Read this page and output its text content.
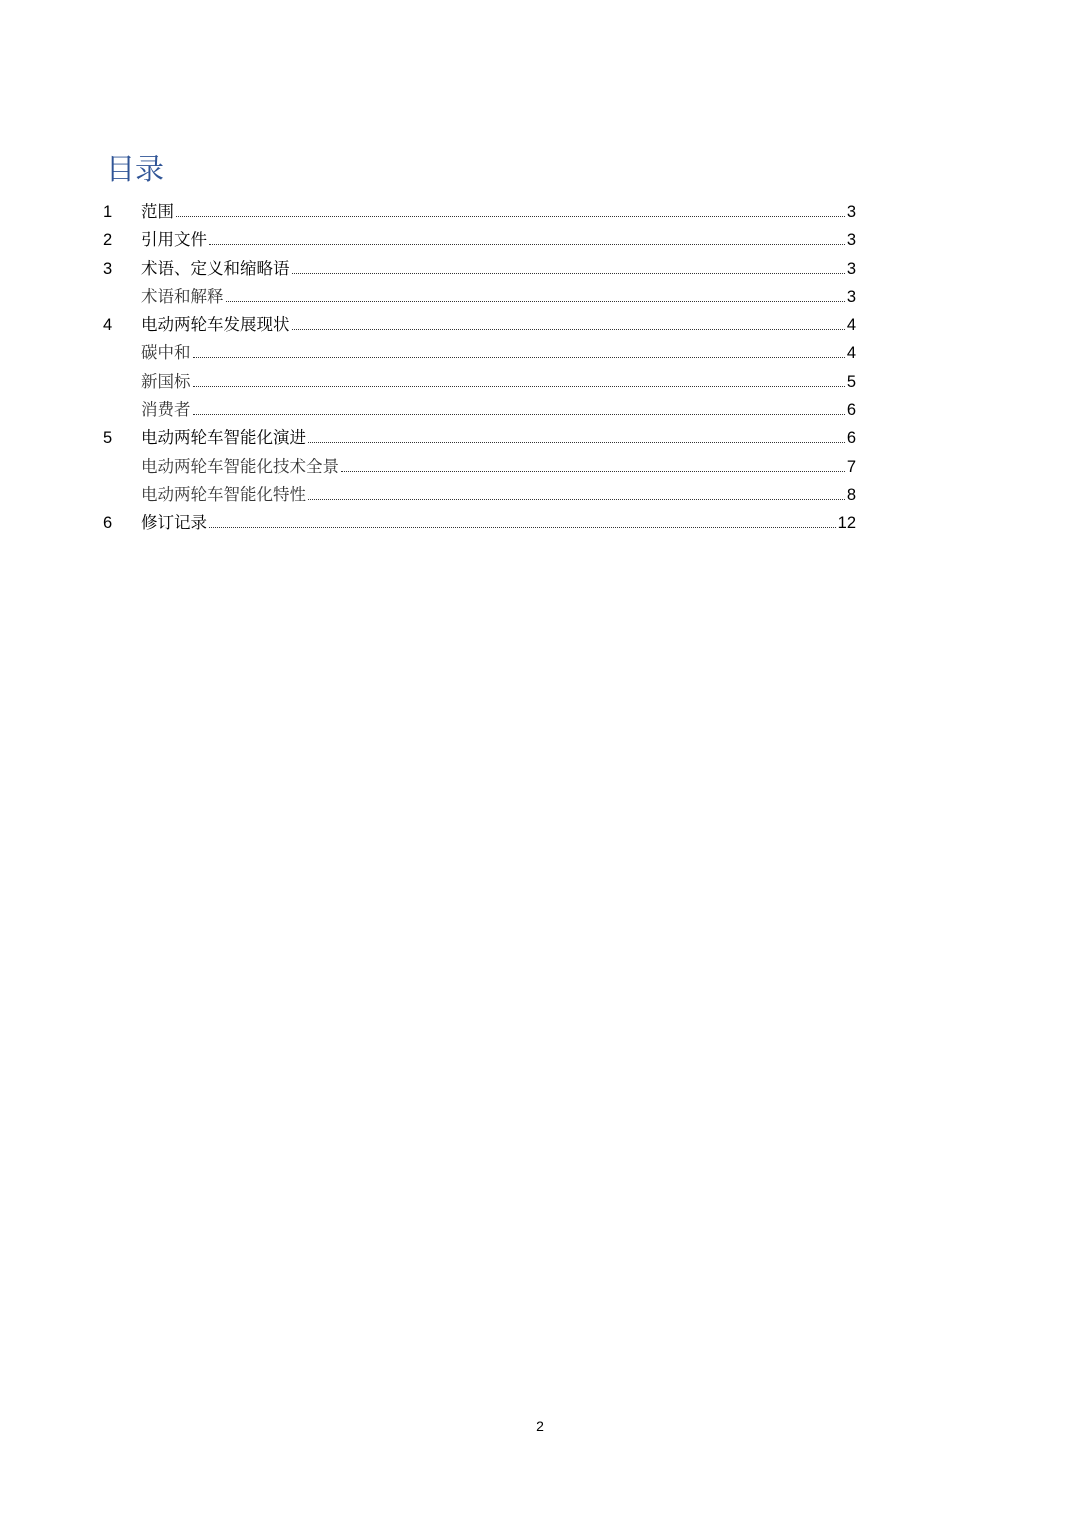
目录
1	范围	3
2	引用文件	3
3	术语、定义和缩略语	3
术语和解释	3
4	电动两轮车发展现状	4
碳中和	4
新国标	5
消费者	6
5	电动两轮车智能化演进	6
电动两轮车智能化技术全景	7
电动两轮车智能化特性	8
6	修订记录	12
2
